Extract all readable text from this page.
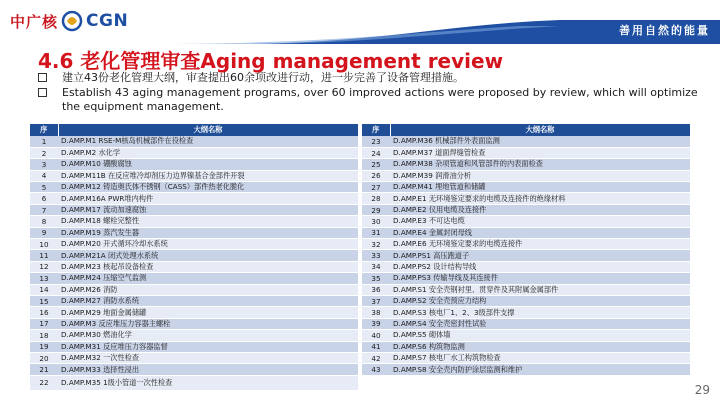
中广核 CGN	善用自然的能量
4.6 老化管理审查Aging management review
建立43份老化管理大纲，审查提出60余项改进行动，进一步完善了设备管理措施。
Establish 43 aging management programs, over 60 improved actions were proposed by review, which will optimize the equipment management.
序	大纲名称
1	D.AMP.M1 RSE-M核岛机械部件在役检查
2	D.AMP.M2 水化学
3	D.AMP.M10 硼酸腐蚀
4	D.AMP.M11B 在反应堆冷却剂压力边界镍基合金部件开裂
5	D.AMP.M12 铸造奥氏体不锈钢（CASS）部件热老化脆化
6	D.AMP.M16A PWR堆内构件
7	D.AMP.M17 流动加速腐蚀
8	D.AMP.M18 螺栓完整性
9	D.AMP.M19 蒸汽发生器
10	D.AMP.M20 开式循环冷却水系统
11	D.AMP.M21A 闭式处理水系统
12	D.AMP.M23 核起吊设备检查
13	D.AMP.M24 压缩空气监测
14	D.AMP.M26 消防
15	D.AMP.M27 消防水系统
16	D.AMP.M29 地面金属储罐
17	D.AMP.M3 反应堆压力容器主螺栓
18	D.AMP.M30 燃油化学
19	D.AMP.M31 反应堆压力容器监督
20	D.AMP.M32 一次性检查
21	D.AMP.M33 选择性浸出
22	D.AMP.M35 1级小管道一次性检查
序	大纲名称
23	D.AMP.M36 机械部件外表面监测
24	D.AMP.M37 道面焊缝管检查
25	D.AMP.M38 杂项管道和风管部件的内表面检查
26	D.AMP.M39 润滑油分析
27	D.AMP.M41 埋地管道和储罐
28	D.AMP.E1 无环境鉴定要求的电缆及连接件的绝缘材料
29	D.AMP.E2 仪用电缆及连接件
30	D.AMP.E3 不可达电缆
31	D.AMP.E4 金属封闭母线
32	D.AMP.E6 无环境鉴定要求的电缆连接件
33	D.AMP.PS1 高压跑道子
34	D.AMP.PS2 设计结构导线
35	D.AMP.PS3 传输导线及其连接件
36	D.AMP.S1 安全壳钢衬里、贯穿件及其附属金属部件
37	D.AMP.S2 安全壳预应力结构
38	D.AMP.S3 核电厂1、2、3级部件支撑
39	D.AMP.S4 安全壳密封性试验
40	D.AMP.S5 砌体墙
41	D.AMP.S6 构筑物监测
42	D.AMP.S7 核电厂水工构筑物检查
43	D.AMP.S8 安全壳内防护涂层监测和维护
29
